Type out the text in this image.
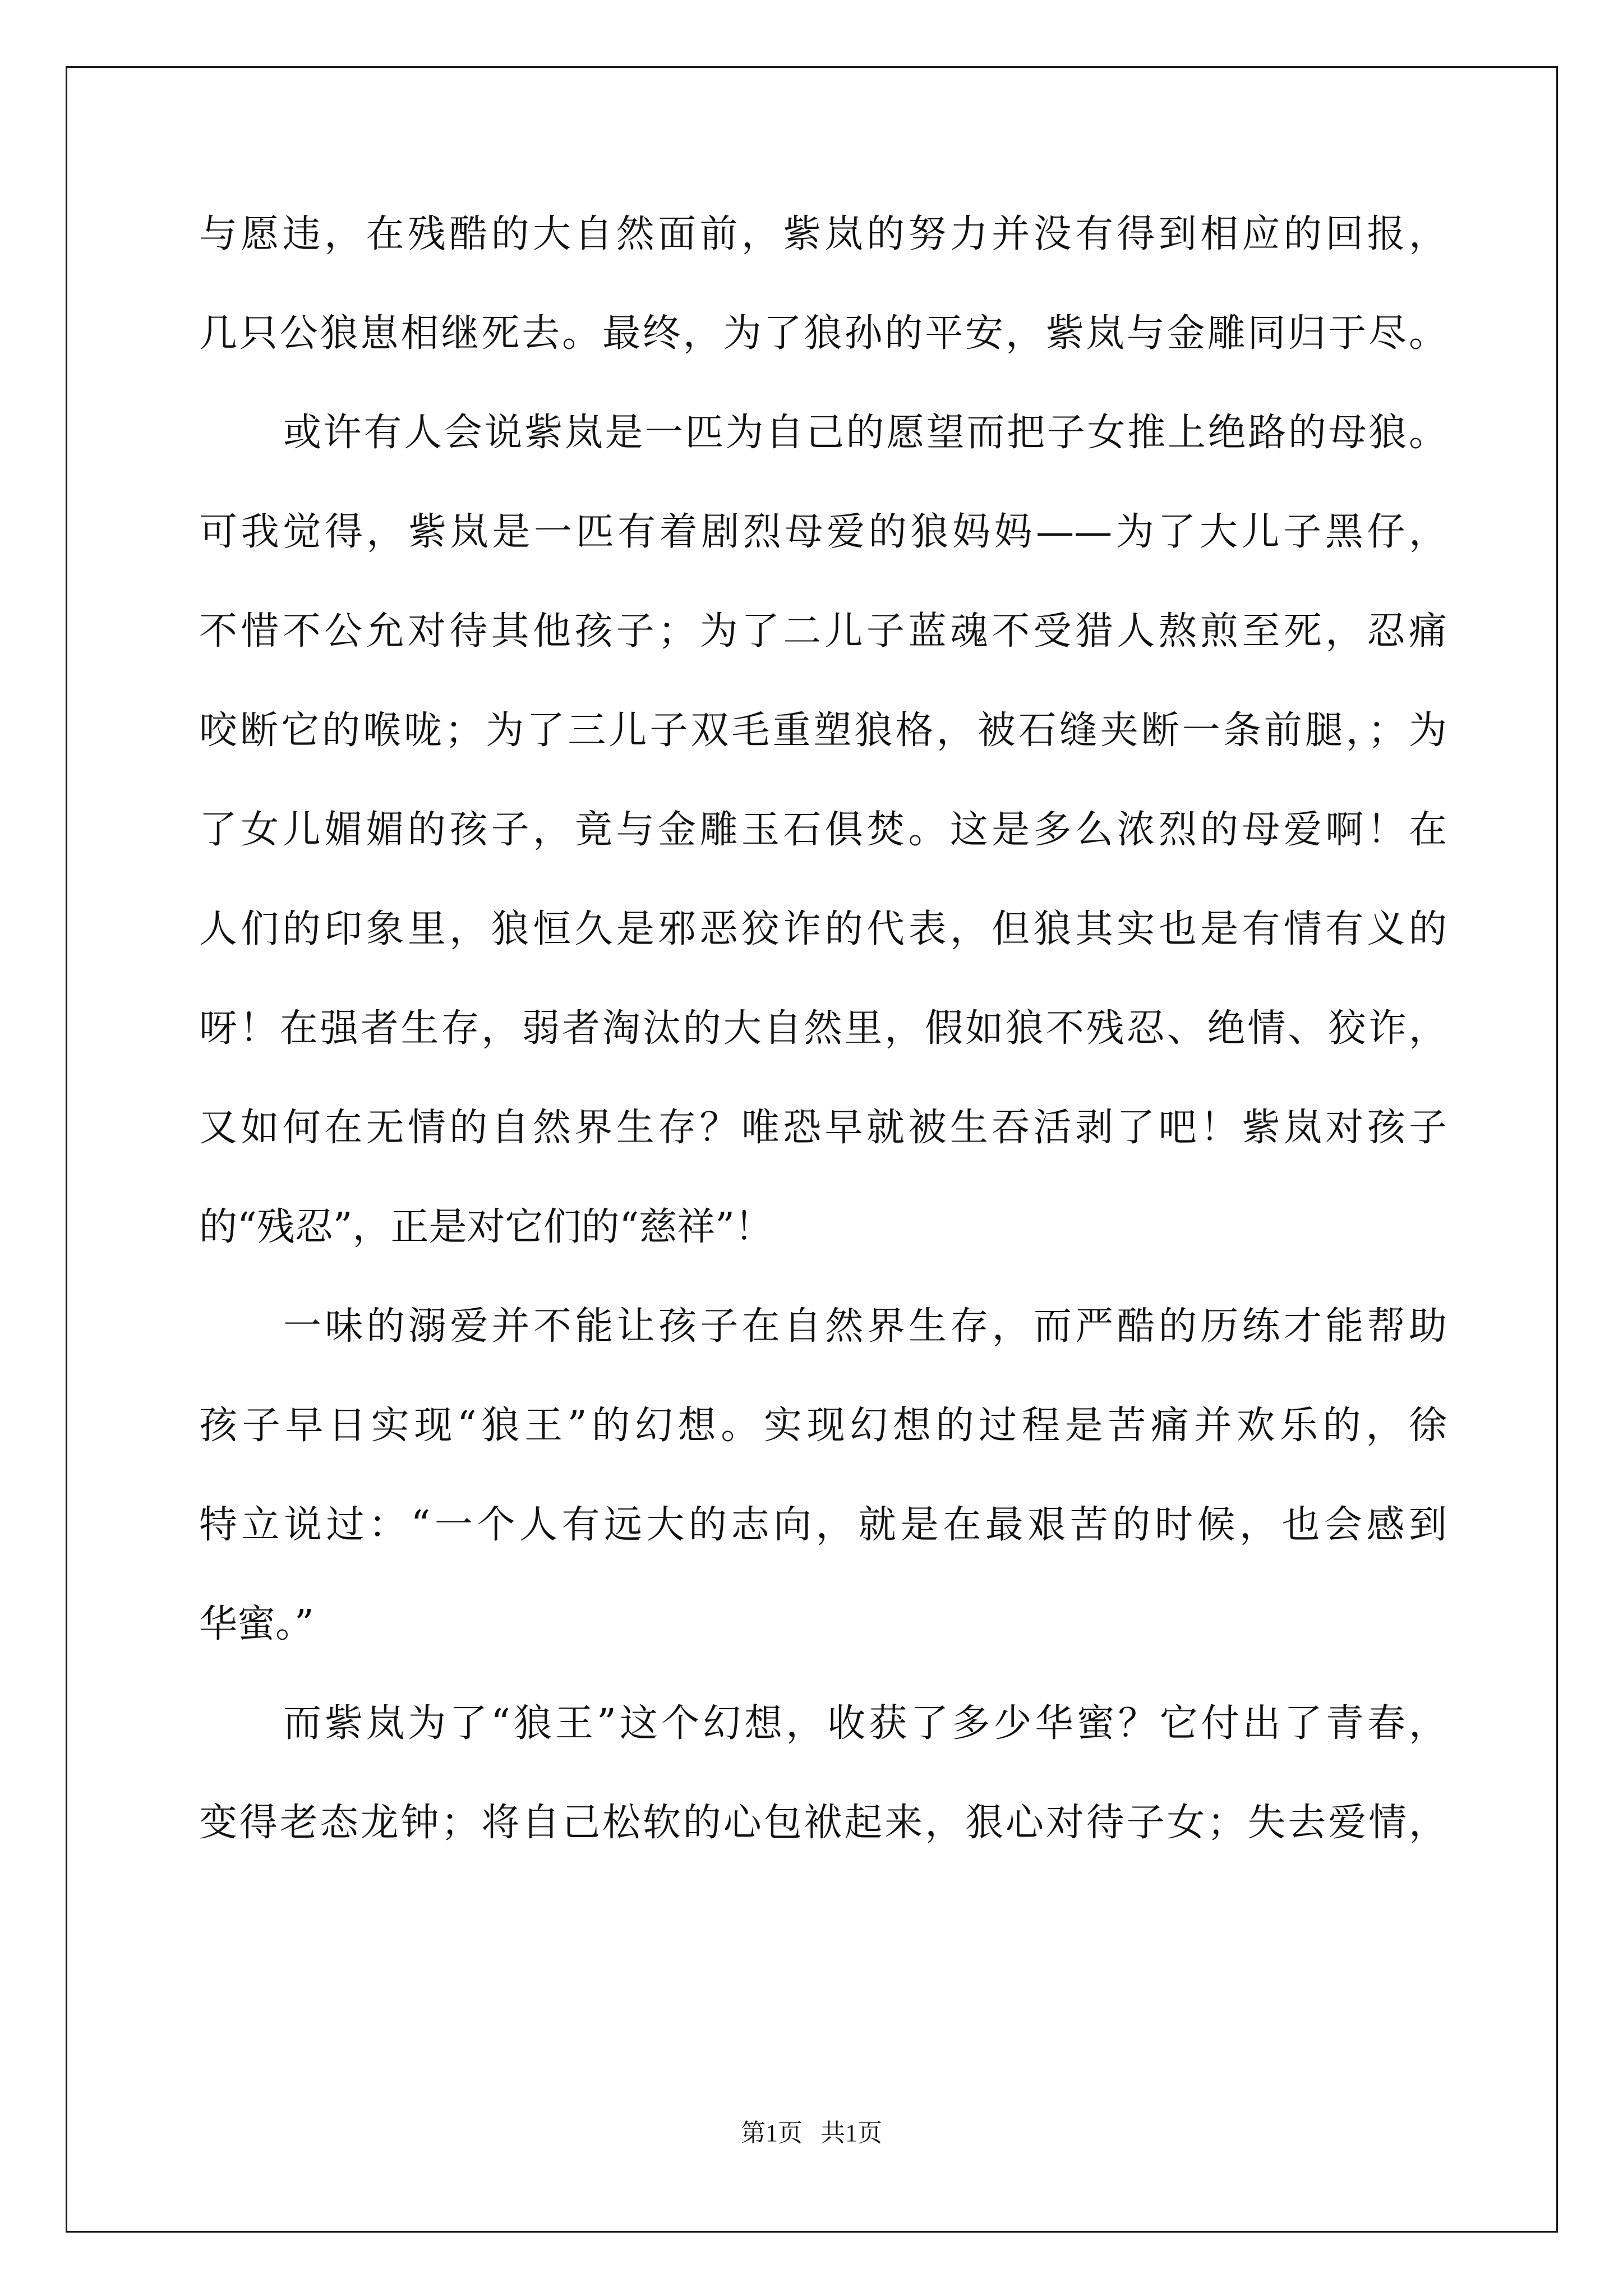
与愿违，在残酷的大自然面前，紫岚的努力并没有得到相应的回报，
几只公狼崽相继死去。最终，为了狼孙的平安，紫岚与金雕同归于尽。
或许有人会说紫岚是一匹为自己的愿望而把子女推上绝路的母狼。
可我觉得，紫岚是一匹有着剧烈母爱的狼妈妈——为了大儿子黑仔，
不惜不公允对待其他孩子；为了二儿子蓝魂不受猎人熬煎至死，忍痛
咬断它的喉咙；为了三儿子双毛重塑狼格，被石缝夹断一条前腿，；为
了女儿媚媚的孩子，竟与金雕玉石俱焚。这是多么浓烈的母爱啊！在
人们的印象里，狼恒久是邪恶狡诈的代表，但狼其实也是有情有义的
呀！在强者生存，弱者淘汰的大自然里，假如狼不残忍、绝情、狡诈，
又如何在无情的自然界生存？唯恐早就被生吞活剥了吧！紫岚对孩子
的“残忍”，正是对它们的“慈祥”！
一味的溺爱并不能让孩子在自然界生存，而严酷的历练才能帮助
孩子早日实现“狼王”的幻想。实现幻想的过程是苦痛并欢乐的，徐
特立说过：“一个人有远大的志向，就是在最艰苦的时候，也会感到
华蜜。”
而紫岚为了“狼王”这个幻想，收获了多少华蜜？它付出了青春，
变得老态龙钟；将自己松软的心包袱起来，狠心对待子女；失去爱情，
第1页 共1页
